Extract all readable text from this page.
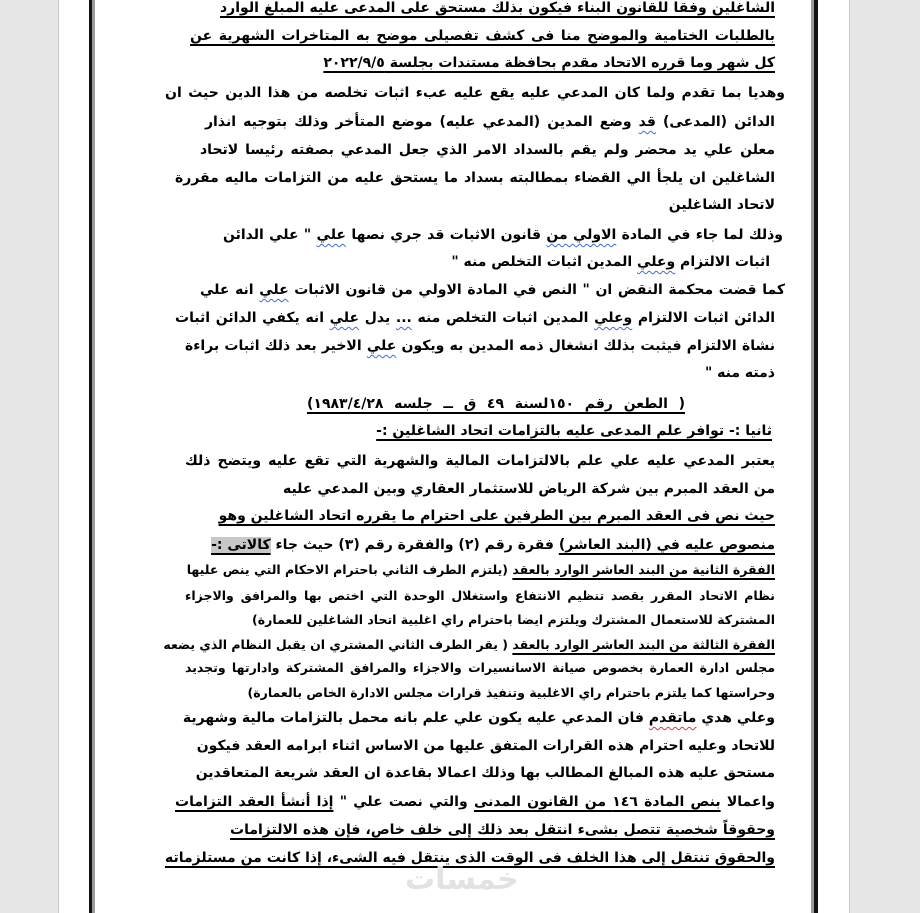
الشاغلين وفقا للقانون البناء فيكون بذلك مستحق على المدعى عليه المبلغ الوارد
بالطلبات الختامية والموضح منا فى كشف تفصيلى موضح به المتاخرات الشهرية عن
كل شهر وما قرره الاتحاد مقدم بحافظة مستندات بجلسة ٢٠٢٢/٩/٥
وهديا بما تقدم ولما كان المدعي عليه يقع عليه عبء اثبات تخلصه من هذا الدين حيث ان
الدائن (المدعى) قد وضع المدين (المدعي عليه) موضع المتأخر وذلك بتوجيه انذار
معلن علي يد محضر ولم يقم بالسداد الامر الذي جعل المدعي بصفته رئيسا لاتحاد
الشاغلين ان يلجأ الي القضاء بمطالبته بسداد ما يستحق عليه من التزامات ماليه مقررة
لاتحاد الشاغلين
وذلك لما جاء في المادة الاولي من قانون الاثبات قد جري نصها علي " علي الدائن
اثبات الالتزام وعلي المدين اثبات التخلص منه "
كما قضت محكمة النقض ان " النص في المادة الاولي من قانون الاثبات علي انه علي
الدائن اثبات الالتزام وعلي المدين اثبات التخلص منه ... يدل علي انه يكفي الدائن اثبات
نشاة الالتزام فيثبت بذلك انشغال ذمه المدين به ويكون علي الاخير بعد ذلك اثبات براءة
ذمته منه "
( الطعن رقم ١٥٠لسنة ٤٩ ق ــ جلسه ١٩٨٣/٤/٢٨)
ثانيا :- توافر علم المدعى عليه بالتزامات اتحاد الشاغلين :-
يعتبر المدعي عليه علي علم بالالتزامات المالية والشهرية التي تقع عليه ويتضح ذلك
من العقد المبرم بين شركة الرياض للاستثمار العقاري وبين المدعي عليه
حيث نص فى العقد المبرم بين الطرفين على احترام ما يقرره اتحاد الشاغلين وهو
منصوص عليه في (البند العاشر) فقرة رقم (٢) والفقرة رقم (٣) حيث جاء كالاتى :-
الفقرة الثانية من البند العاشر الوارد بالعقد (يلتزم الطرف الثاني باحترام الاحكام التي ينص عليها
نظام الاتحاد المقرر بقصد تنظيم الانتفاع واستغلال الوحدة التي اختص بها والمرافق والاجزاء
المشتركة للاستعمال المشترك ويلتزم ايضا باحترام راي اغلبية اتحاد الشاغلين للعمارة)
الفقرة الثالثة من البند العاشر الوارد بالعقد ( يقر الطرف الثاني المشتري ان يقبل النظام الذي يضعه
مجلس ادارة العمارة بخصوص صيانة الاسانسيرات والاجزاء والمرافق المشتركة وادارتها وتجديد
وحراستها كما يلتزم باحترام راي الاغلبية وتنفيذ قرارات مجلس الادارة الخاص بالعمارة)
وعلي هدي ماتقدم فان المدعي عليه يكون علي علم بانه محمل بالتزامات مالية وشهرية
للاتحاد وعليه احترام هذه القرارات المتفق عليها من الاساس اثناء ابرامه العقد فيكون
مستحق عليه هذه المبالغ المطالب بها وذلك اعمالا بقاعدة ان العقد شريعة المتعاقدين
واعمالا بنص المادة ١٤٦ من القانون المدنى والتي نصت علي " إذا أنشأ العقد التزامات
وحقوقاً شخصية تتصل بشىء انتقل بعد ذلك إلى خلف خاص، فإن هذه الالتزامات
والحقوق تنتقل إلى هذا الخلف فى الوقت الذى ينتقل فيه الشىء، إذا كانت من مستلزماته
خمسات
